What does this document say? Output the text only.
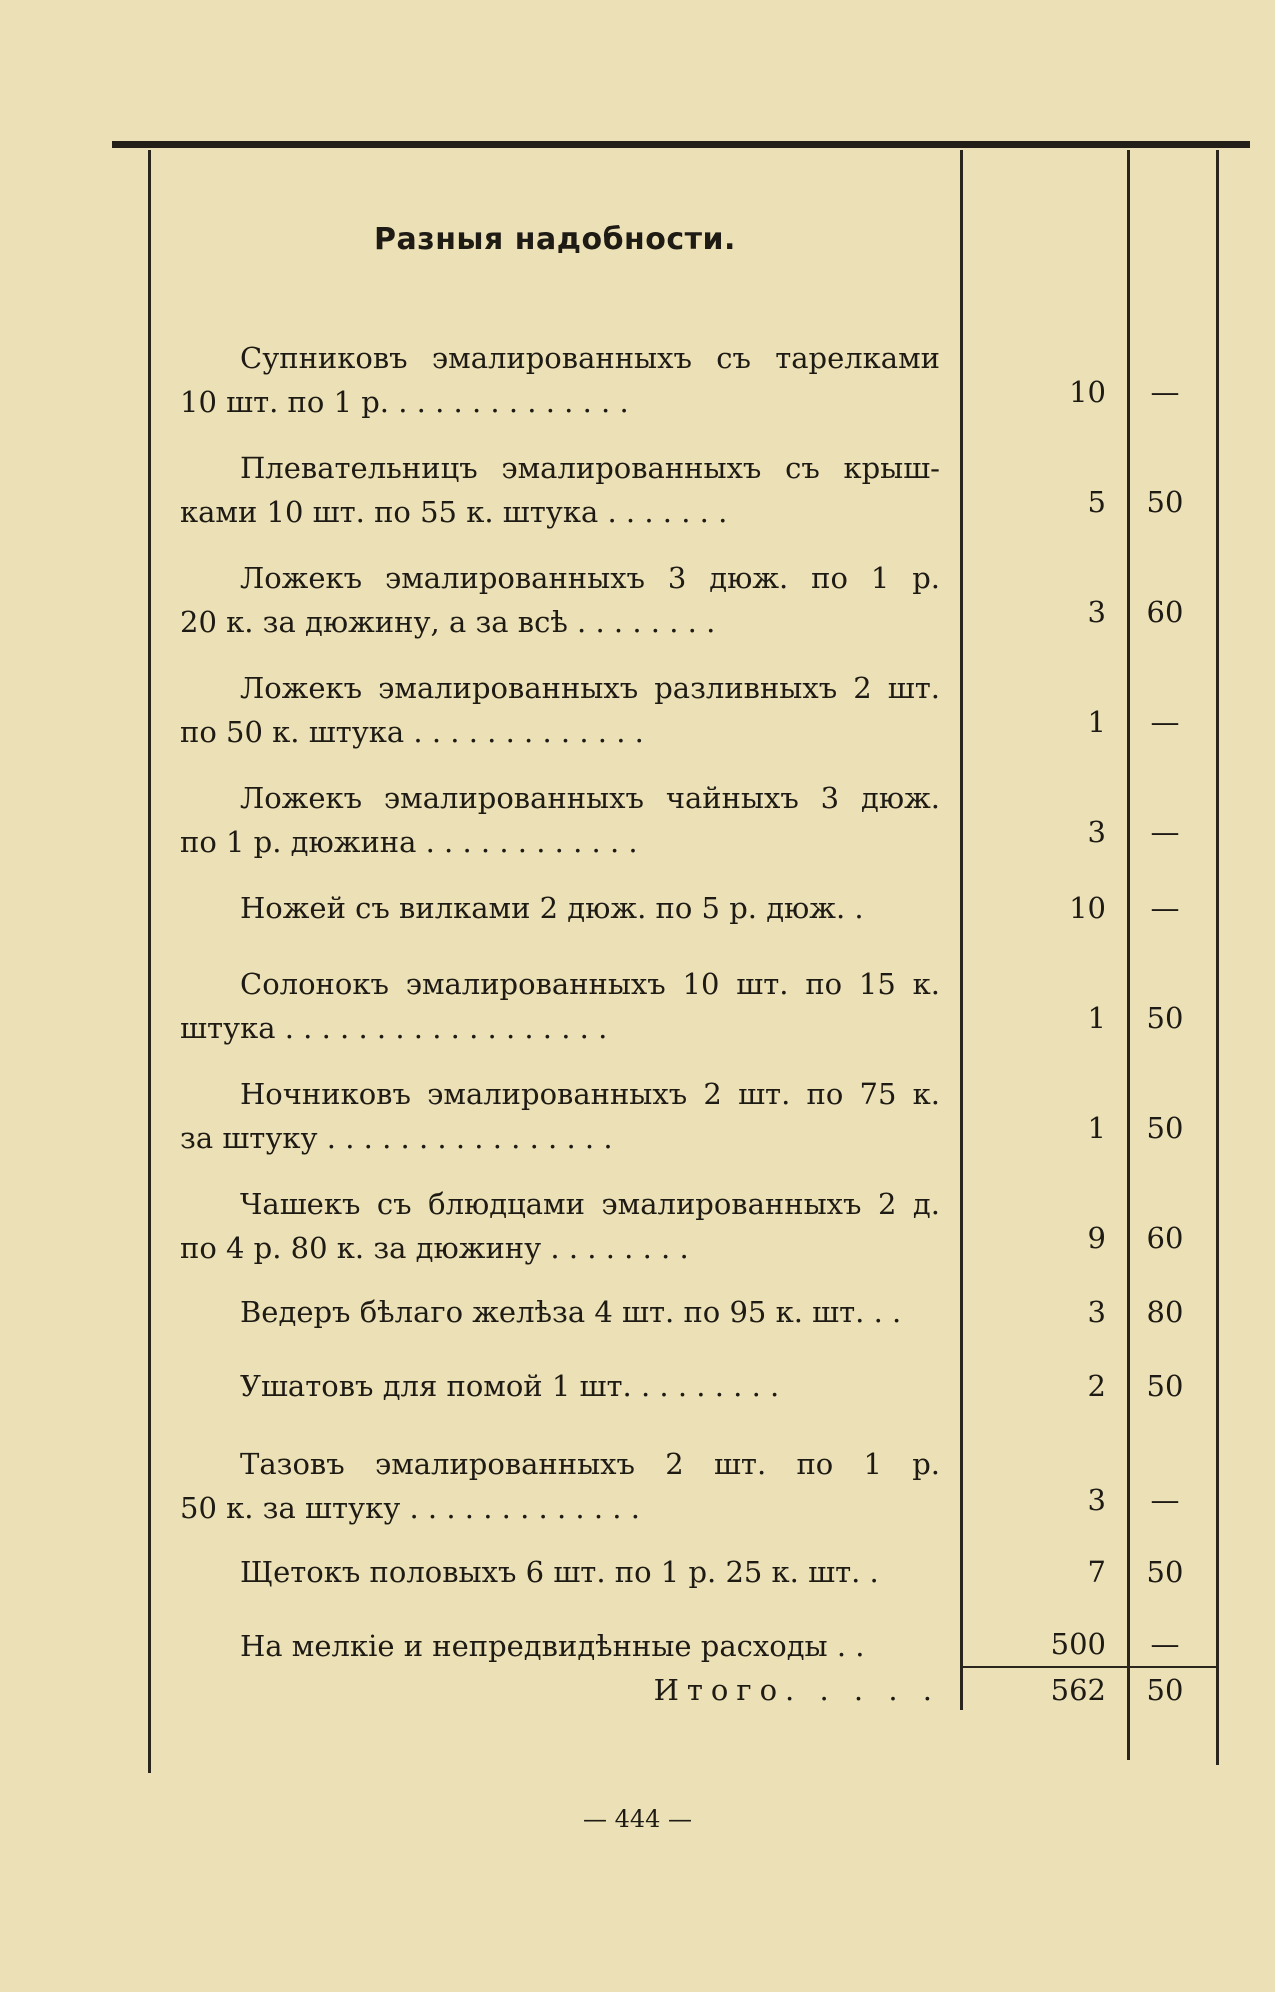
Разныя надобности.
Супниковъ эмалированныхъ съ тарелками
10 шт. по 1 р. . . . . . . . . . . . . .	10	—
Плевательницъ эмалированныхъ съ крыш-
ками 10 шт. по 55 к. штука . . . . . . .	5	50
Ложекъ эмалированныхъ 3 дюж. по 1 р.
20 к. за дюжину, а за всѣ . . . . . . . .	3	60
Ложекъ эмалированныхъ разливныхъ 2 шт.
по 50 к. штука . . . . . . . . . . . . .	1	—
Ложекъ эмалированныхъ чайныхъ 3 дюж.
по 1 р. дюжина . . . . . . . . . . . .	3	—
Ножей съ вилками 2 дюж. по 5 р. дюж. .	10	—
Солонокъ эмалированныхъ 10 шт. по 15 к.
штука . . . . . . . . . . . . . . . . . .	1	50
Ночниковъ эмалированныхъ 2 шт. по 75 к.
за штуку . . . . . . . . . . . . . . . .	1	50
Чашекъ съ блюдцами эмалированныхъ 2 д.
по 4 р. 80 к. за дюжину . . . . . . . .	9	60
Ведеръ бѣлаго желѣза 4 шт. по 95 к. шт. . .	3	80
Ушатовъ для помой 1 шт. . . . . . . . .	2	50
Тазовъ эмалированныхъ 2 шт. по 1 р.
50 к. за штуку . . . . . . . . . . . . .	3	—
Щетокъ половыхъ 6 шт. по 1 р. 25 к. шт. .	7	50
На мелкіе и непредвидѣнные расходы . .	500	—
Итого. . . . .	562	50
— 444 —
